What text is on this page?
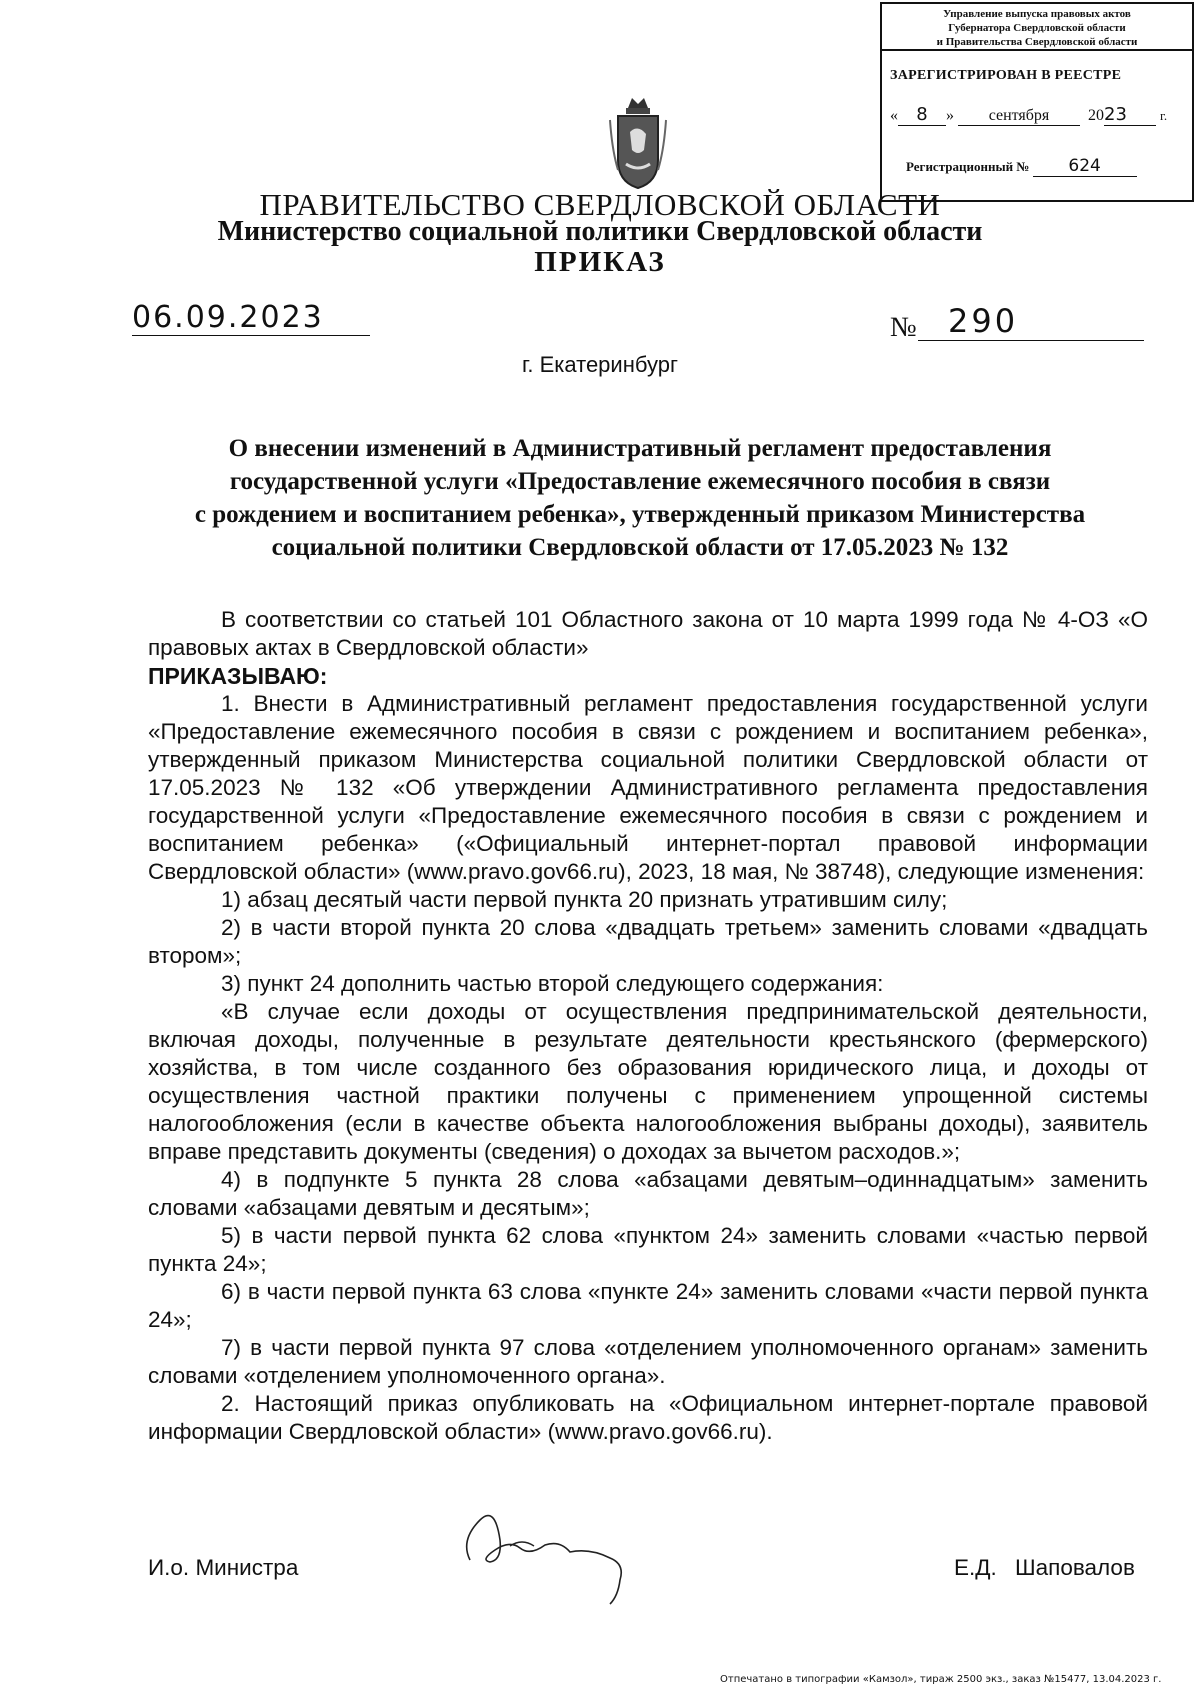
Управление выпуска правовых актов
Губернатора Свердловской области
и Правительства Свердловской области
ЗАРЕГИСТРИРОВАН В РЕЕСТРЕ
« 8 » сентября 2023	г.
Регистрационный № 624
ПРАВИТЕЛЬСТВО СВЕРДЛОВСКОЙ ОБЛАСТИ
Министерство социальной политики Свердловской области
ПРИКАЗ
06.09.2023	№ 290
г. Екатеринбург
О внесении изменений в Административный регламент предоставления
государственной услуги «Предоставление ежемесячного пособия в связи
с рождением и воспитанием ребенка», утвержденный приказом Министерства
социальной политики Свердловской области от 17.05.2023 № 132

В соответствии со статьей 101 Областного закона от 10 марта 1999 года № 4-ОЗ «О правовых актах в Свердловской области»

ПРИКАЗЫВАЮ:

1. Внести в Административный регламент предоставления государственной услуги «Предоставление ежемесячного пособия в связи с рождением и воспитанием ребенка», утвержденный приказом Министерства социальной политики Свердловской области от 17.05.2023 № 132 «Об утверждении Административного регламента предоставления государственной услуги «Предоставление ежемесячного пособия в связи с рождением и воспитанием ребенка» («Официальный интернет-портал правовой информации Свердловской области» (www.pravo.gov66.ru), 2023, 18 мая, № 38748), следующие изменения:

1) абзац десятый части первой пункта 20 признать утратившим силу;

2) в части второй пункта 20 слова «двадцать третьем» заменить словами «двадцать втором»;

3) пункт 24 дополнить частью второй следующего содержания:

«В случае если доходы от осуществления предпринимательской деятельности, включая доходы, полученные в результате деятельности крестьянского (фермерского) хозяйства, в том числе созданного без образования юридического лица, и доходы от осуществления частной практики получены с применением упрощенной системы налогообложения (если в качестве объекта налогообложения выбраны доходы), заявитель вправе представить документы (сведения) о доходах за вычетом расходов.»;

4) в подпункте 5 пункта 28 слова «абзацами девятым–одиннадцатым» заменить словами «абзацами девятым и десятым»;

5) в части первой пункта 62 слова «пунктом 24» заменить словами «частью первой пункта 24»;

6) в части первой пункта 63 слова «пункте 24» заменить словами «части первой пункта 24»;

7) в части первой пункта 97 слова «отделением уполномоченного органам» заменить словами «отделением уполномоченного органа».

2. Настоящий приказ опубликовать на «Официальном интернет-портале правовой информации Свердловской области» (www.pravo.gov66.ru).

И.о. Министра	Е.Д. Шаповалов
Отпечатано в типографии «Камзол», тираж 2500 экз., заказ №15477, 13.04.2023 г.
